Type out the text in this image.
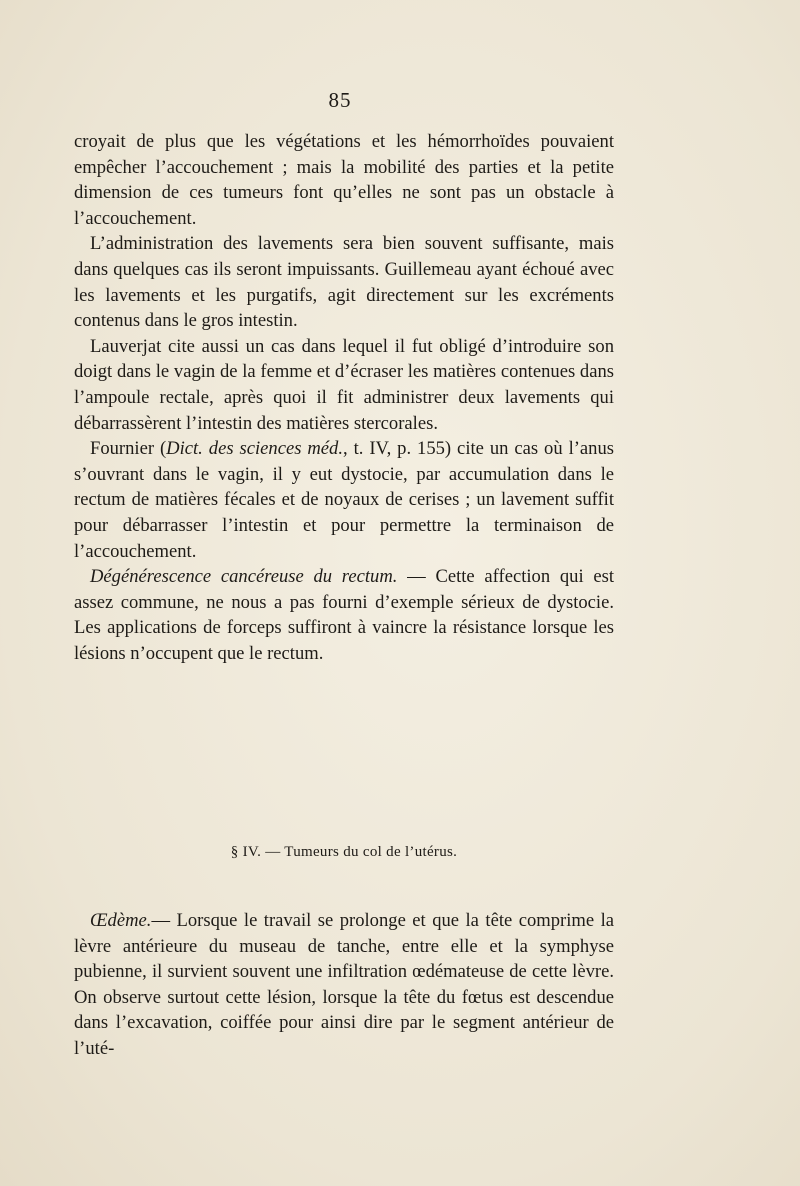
85

croyait de plus que les végétations et les hémorrhoïdes pouvaient empêcher l’accouchement ; mais la mobilité des parties et la petite dimension de ces tumeurs font qu’elles ne sont pas un obstacle à l’accouchement.

L’administration des lavements sera bien souvent suffisante, mais dans quelques cas ils seront impuissants. Guillemeau ayant échoué avec les lavements et les purgatifs, agit directement sur les excréments contenus dans le gros intestin.

Lauverjat cite aussi un cas dans lequel il fut obligé d’introduire son doigt dans le vagin de la femme et d’écraser les matières contenues dans l’ampoule rectale, après quoi il fit administrer deux lavements qui débarrassèrent l’intestin des matières stercorales.

Fournier (Dict. des sciences méd., t. IV, p. 155) cite un cas où l’anus s’ouvrant dans le vagin, il y eut dystocie, par accumulation dans le rectum de matières fécales et de noyaux de cerises ; un lavement suffit pour débarrasser l’intestin et pour permettre la terminaison de l’accouchement.

Dégénérescence cancéreuse du rectum. — Cette affection qui est assez commune, ne nous a pas fourni d’exemple sérieux de dystocie. Les applications de forceps suffiront à vaincre la résistance lorsque les lésions n’occupent que le rectum.

§ IV. — Tumeurs du col de l’utérus.

Œdème.— Lorsque le travail se prolonge et que la tête comprime la lèvre antérieure du museau de tanche, entre elle et la symphyse pubienne, il survient souvent une infiltration œdémateuse de cette lèvre. On observe surtout cette lésion, lorsque la tête du fœtus est descendue dans l’excavation, coiffée pour ainsi dire par le segment antérieur de l’uté-
